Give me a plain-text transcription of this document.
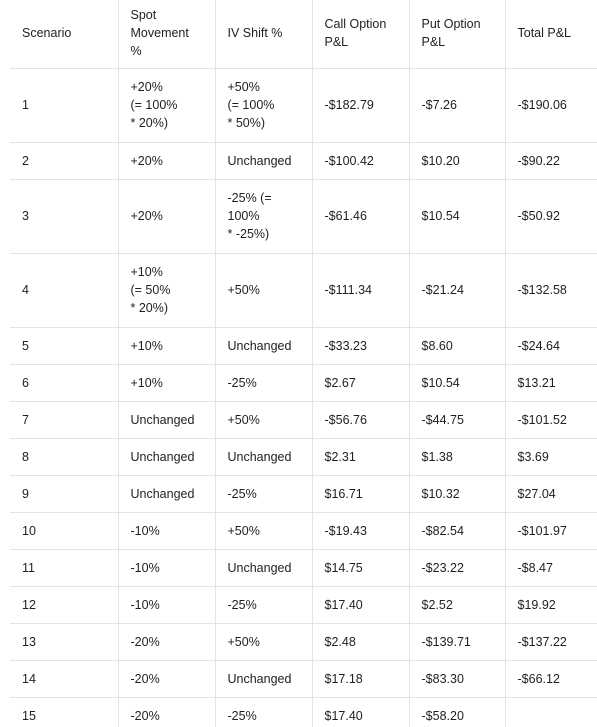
Scenario	Spot
Movement
%	IV Shift %	Call Option
P&L	Put Option
P&L	Total P&L
1	+20%
(= 100%
* 20%)	+50%
(= 100%
* 50%)	-$182.79	-$7.26	-$190.06
2	+20%	Unchanged	-$100.42	$10.20	-$90.22
3	+20%	-25% (=
100%
* -25%)	-$61.46	$10.54	-$50.92
4	+10%
(= 50%
* 20%)	+50%	-$111.34	-$21.24	-$132.58
5	+10%	Unchanged	-$33.23	$8.60	-$24.64
6	+10%	-25%	$2.67	$10.54	$13.21
7	Unchanged	+50%	-$56.76	-$44.75	-$101.52
8	Unchanged	Unchanged	$2.31	$1.38	$3.69
9	Unchanged	-25%	$16.71	$10.32	$27.04
10	-10%	+50%	-$19.43	-$82.54	-$101.97
11	-10%	Unchanged	$14.75	-$23.22	-$8.47
12	-10%	-25%	$17.40	$2.52	$19.92
13	-20%	+50%	$2.48	-$139.71	-$137.22
14	-20%	Unchanged	$17.18	-$83.30	-$66.12
15	-20%	-25%	$17.40	-$58.20	
